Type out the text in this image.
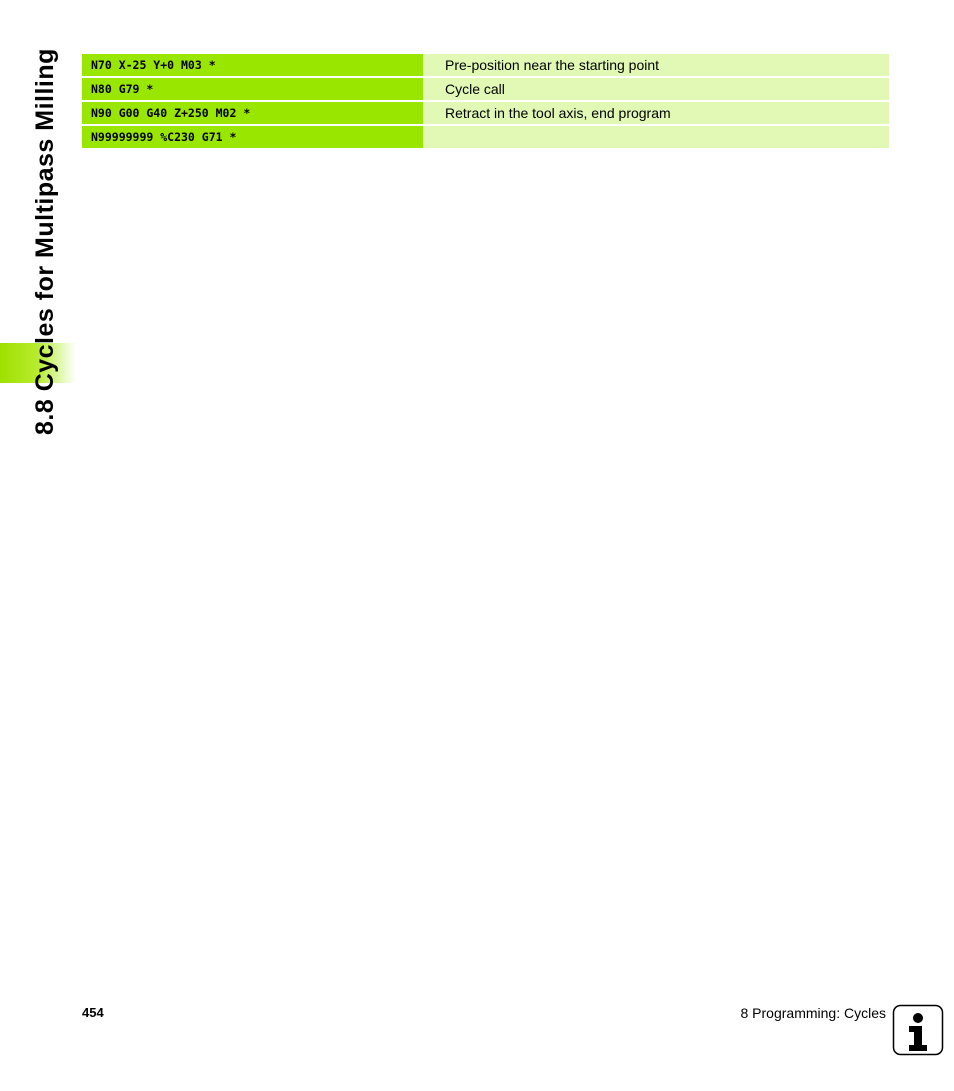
8.8 Cycles for Multipass Milling	N70 X-25 Y+0 M03 *	Pre-position near the starting point
N80 G79 *	Cycle call
N90 G00 G40 Z+250 M02 *	Retract in the tool axis, end program
N99999999 %C230 G71 *
454	8 Programming: Cycles
